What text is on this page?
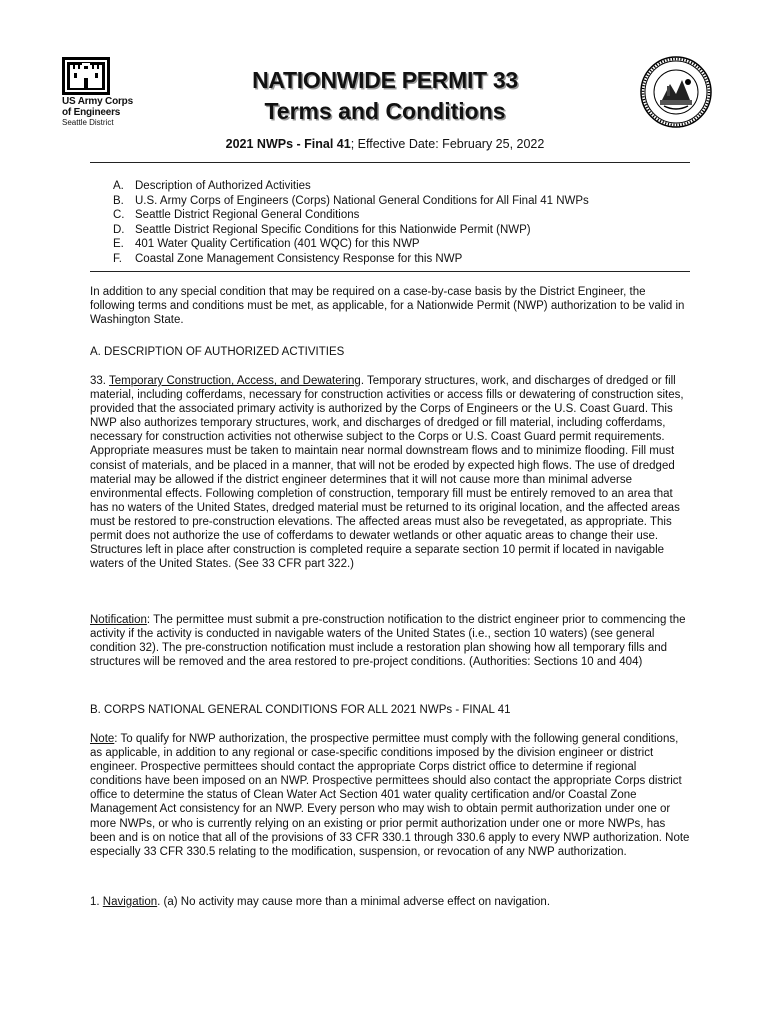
US Army Corps
of Engineers
Seattle District
NATIONWIDE PERMIT 33
Terms and Conditions
2021 NWPs - Final 41; Effective Date: February 25, 2022
A. Description of Authorized Activities
B. U.S. Army Corps of Engineers (Corps) National General Conditions for All Final 41 NWPs
C. Seattle District Regional General Conditions
D. Seattle District Regional Specific Conditions for this Nationwide Permit (NWP)
E. 401 Water Quality Certification (401 WQC) for this NWP
F.	Coastal Zone Management Consistency Response for this NWP

In addition to any special condition that may be required on a case-by-case basis by the District Engineer, the following terms and conditions must be met, as applicable, for a Nationwide Permit (NWP) authorization to be valid in Washington State.

A. DESCRIPTION OF AUTHORIZED ACTIVITIES

33. Temporary Construction, Access, and Dewatering. Temporary structures, work, and discharges of dredged or fill material, including cofferdams, necessary for construction activities or access fills or dewatering of construction sites, provided that the associated primary activity is authorized by the Corps of Engineers or the U.S. Coast Guard. This NWP also authorizes temporary structures, work, and discharges of dredged or fill material, including cofferdams, necessary for construction activities not otherwise subject to the Corps or U.S. Coast Guard permit requirements. Appropriate measures must be taken to maintain near normal downstream flows and to minimize flooding. Fill must consist of materials, and be placed in a manner, that will not be eroded by expected high flows. The use of dredged material may be allowed if the district engineer determines that it will not cause more than minimal adverse environmental effects. Following completion of construction, temporary fill must be entirely removed to an area that has no waters of the United States, dredged material must be returned to its original location, and the affected areas must be restored to pre-construction elevations. The affected areas must also be revegetated, as appropriate. This permit does not authorize the use of cofferdams to dewater wetlands or other aquatic areas to change their use. Structures left in place after construction is completed require a separate section 10 permit if located in navigable waters of the United States. (See 33 CFR part 322.)

Notification: The permittee must submit a pre-construction notification to the district engineer prior to commencing the activity if the activity is conducted in navigable waters of the United States (i.e., section 10 waters) (see general condition 32). The pre-construction notification must include a restoration plan showing how all temporary fills and structures will be removed and the area restored to pre-project conditions. (Authorities: Sections 10 and 404)

B. CORPS NATIONAL GENERAL CONDITIONS FOR ALL 2021 NWPs - FINAL 41

Note: To qualify for NWP authorization, the prospective permittee must comply with the following general conditions, as applicable, in addition to any regional or case-specific conditions imposed by the division engineer or district engineer. Prospective permittees should contact the appropriate Corps district office to determine if regional conditions have been imposed on an NWP. Prospective permittees should also contact the appropriate Corps district office to determine the status of Clean Water Act Section 401 water quality certification and/or Coastal Zone Management Act consistency for an NWP. Every person who may wish to obtain permit authorization under one or more NWPs, or who is currently relying on an existing or prior permit authorization under one or more NWPs, has been and is on notice that all of the provisions of 33 CFR 330.1 through 330.6 apply to every NWP authorization. Note especially 33 CFR 330.5 relating to the modification, suspension, or revocation of any NWP authorization.

1. Navigation. (a) No activity may cause more than a minimal adverse effect on navigation.
